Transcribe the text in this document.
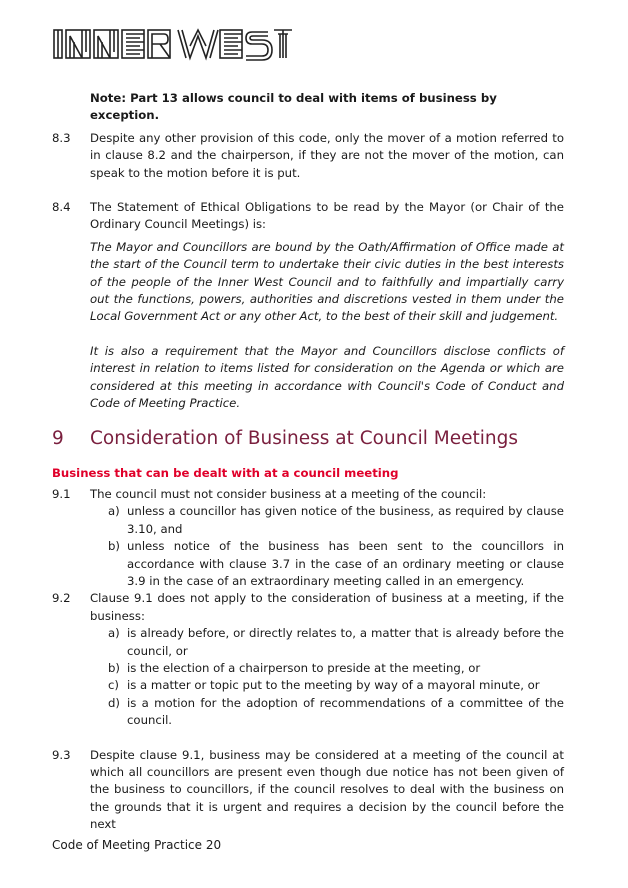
Note: Part 13 allows council to deal with items of business by exception.

8.3	Despite any other provision of this code, only the mover of a motion referred to in clause 8.2 and the chairperson, if they are not the mover of the motion, can speak to the motion before it is put.
8.4	The Statement of Ethical Obligations to be read by the Mayor (or Chair of the Ordinary Council Meetings) is:

The Mayor and Councillors are bound by the Oath/Affirmation of Office made at the start of the Council term to undertake their civic duties in the best interests of the people of the Inner West Council and to faithfully and impartially carry out the functions, powers, authorities and discretions vested in them under the Local Government Act or any other Act, to the best of their skill and judgement.

It is also a requirement that the Mayor and Councillors disclose conflicts of interest in relation to items listed for consideration on the Agenda or which are considered at this meeting in accordance with Council's Code of Conduct and Code of Meeting Practice.

9	Consideration of Business at Council Meetings
Business that can be dealt with at a council meeting
9.1	The council must not consider business at a meeting of the council:
a) unless a councillor has given notice of the business, as required by clause 3.10, and
b) unless notice of the business has been sent to the councillors in accordance with clause 3.7 in the case of an ordinary meeting or clause 3.9 in the case of an extraordinary meeting called in an emergency.
9.2	Clause 9.1 does not apply to the consideration of business at a meeting, if the business:
a) is already before, or directly relates to, a matter that is already before the council, or
b) is the election of a chairperson to preside at the meeting, or
c) is a matter or topic put to the meeting by way of a mayoral minute, or
d) is a motion for the adoption of recommendations of a committee of the council.
9.3	Despite clause 9.1, business may be considered at a meeting of the council at which all councillors are present even though due notice has not been given of the business to councillors, if the council resolves to deal with the business on the grounds that it is urgent and requires a decision by the council before the next
Code of Meeting Practice 20
